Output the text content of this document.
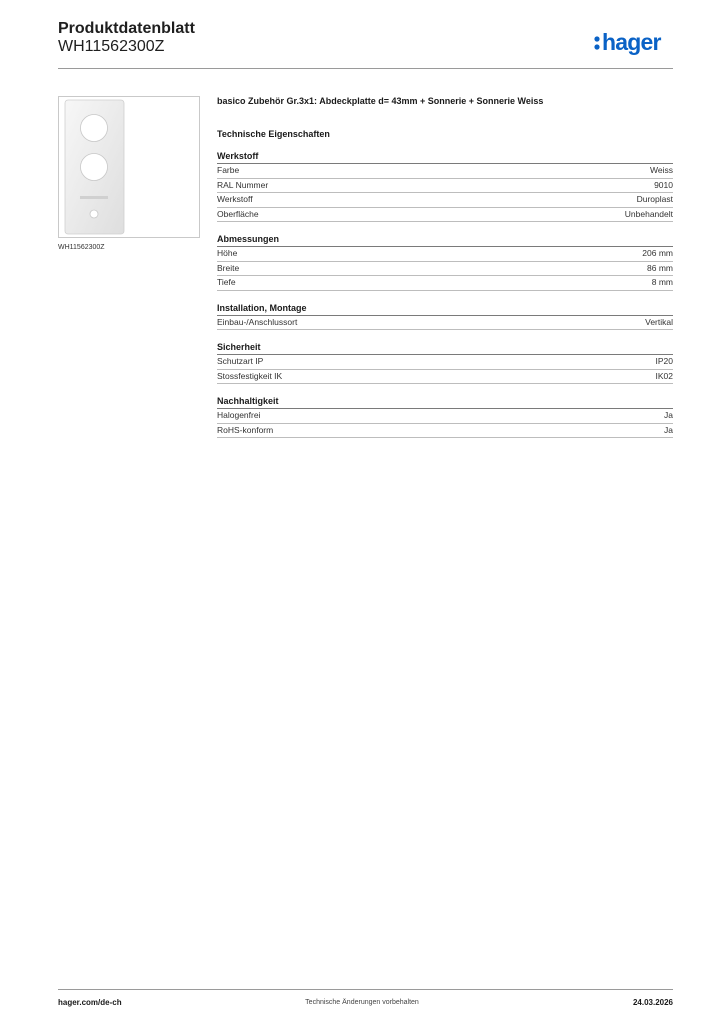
Produktdatenblatt
WH11562300Z	hager
WH11562300Z

basico Zubehör Gr.3x1: Abdeckplatte d= 43mm + Sonnerie + Sonnerie Weiss

Technische Eigenschaften
Werkstoff
Farbe	Weiss
RAL Nummer	9010
Werkstoff	Duroplast
Oberfläche	Unbehandelt
Abmessungen
Höhe	206 mm
Breite	86 mm
Tiefe	8 mm
Installation, Montage
Einbau-/Anschlussort	Vertikal
Sicherheit
Schutzart IP	IP20
Stossfestigkeit IK	IK02
Nachhaltigkeit
Halogenfrei	Ja
RoHS-konform	Ja
hager.com/de-ch	Technische Änderungen vorbehalten	24.03.2026
